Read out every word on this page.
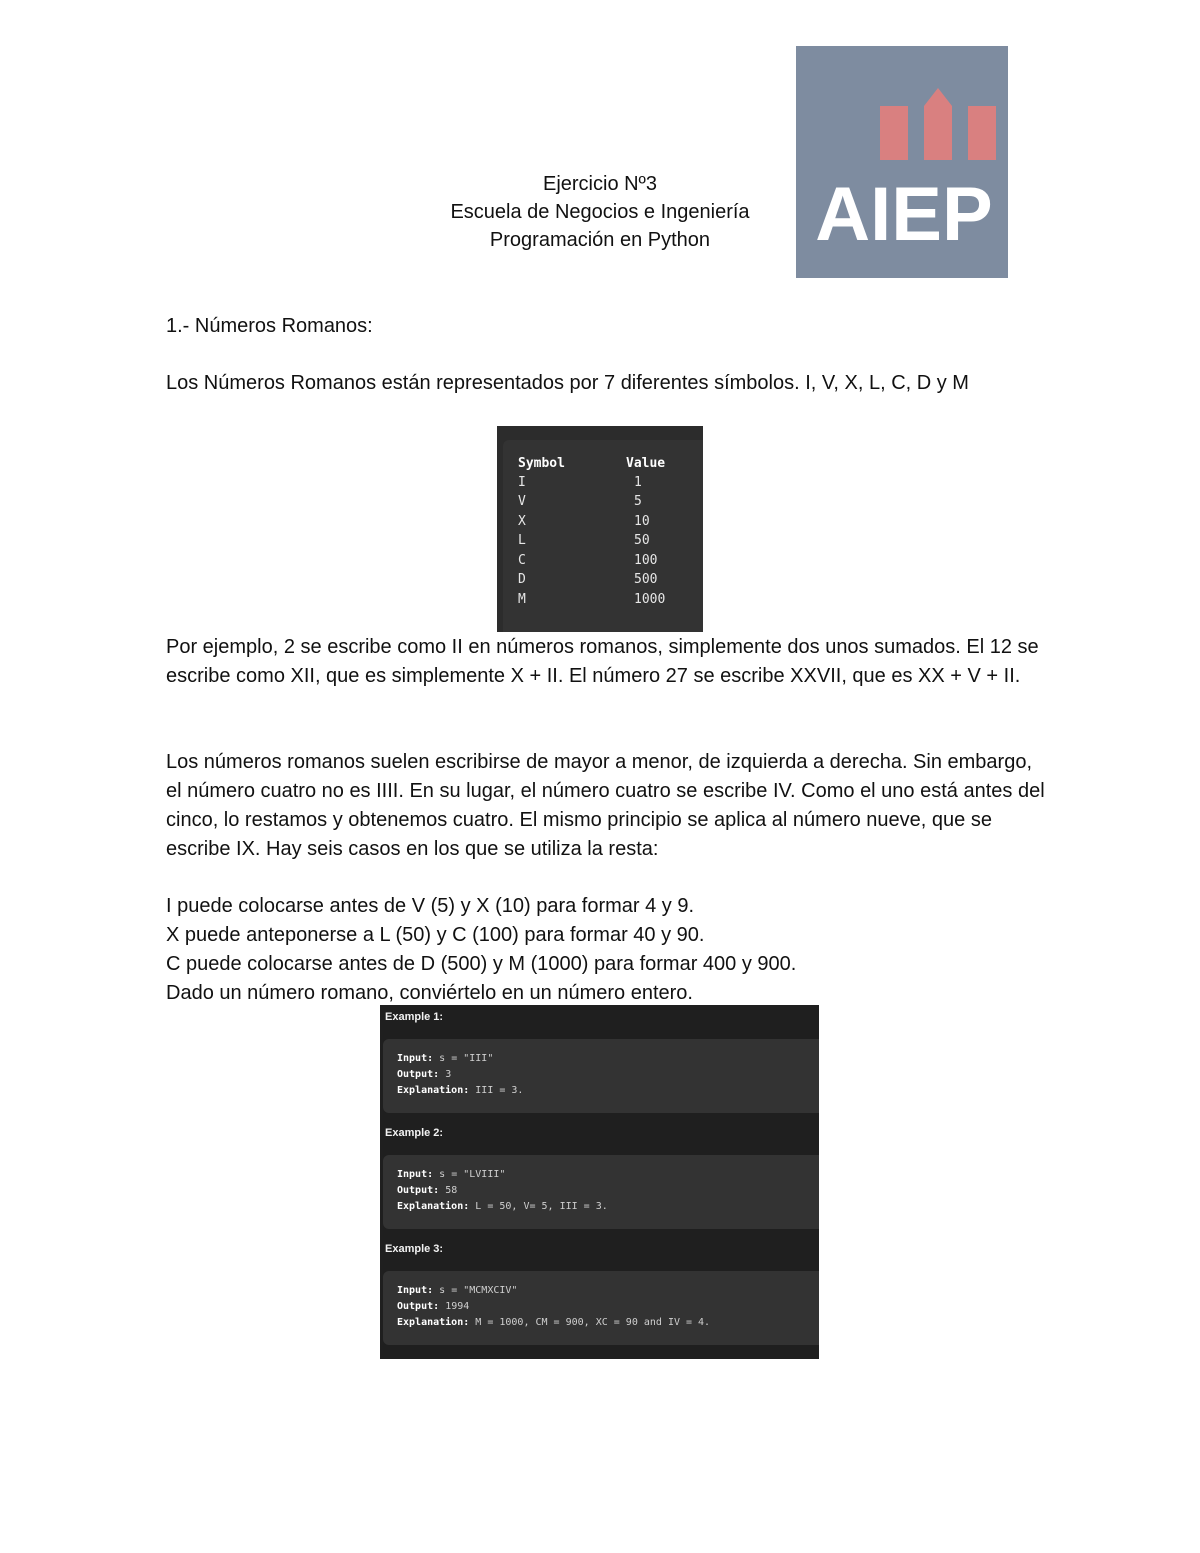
Ejercicio Nº3
Escuela de Negocios e Ingeniería
Programación en Python	AIEP
1.- Números Romanos:
Los Números Romanos están representados por 7 diferentes símbolos. I, V, X, L, C, D y M
Symbol	Value
I	1
V	5
X	10
L	50
C	100
D	500
M	1000
Por ejemplo, 2 se escribe como II en números romanos, simplemente dos unos sumados. El 12 se escribe como XII, que es simplemente X + II. El número 27 se escribe XXVII, que es XX + V + II.
Los números romanos suelen escribirse de mayor a menor, de izquierda a derecha. Sin embargo, el número cuatro no es IIII. En su lugar, el número cuatro se escribe IV. Como el uno está antes del cinco, lo restamos y obtenemos cuatro. El mismo principio se aplica al número nueve, que se escribe IX. Hay seis casos en los que se utiliza la resta:

I puede colocarse antes de V (5) y X (10) para formar 4 y 9.

X puede anteponerse a L (50) y C (100) para formar 40 y 90.

C puede colocarse antes de D (500) y M (1000) para formar 400 y 900.

Dado un número romano, conviértelo en un número entero.

Example 1:
Input: s = "III"
Output: 3
Explanation: III = 3.
Example 2:
Input: s = "LVIII"
Output: 58
Explanation: L = 50, V= 5, III = 3.
Example 3:
Input: s = "MCMXCIV"
Output: 1994
Explanation: M = 1000, CM = 900, XC = 90 and IV = 4.
